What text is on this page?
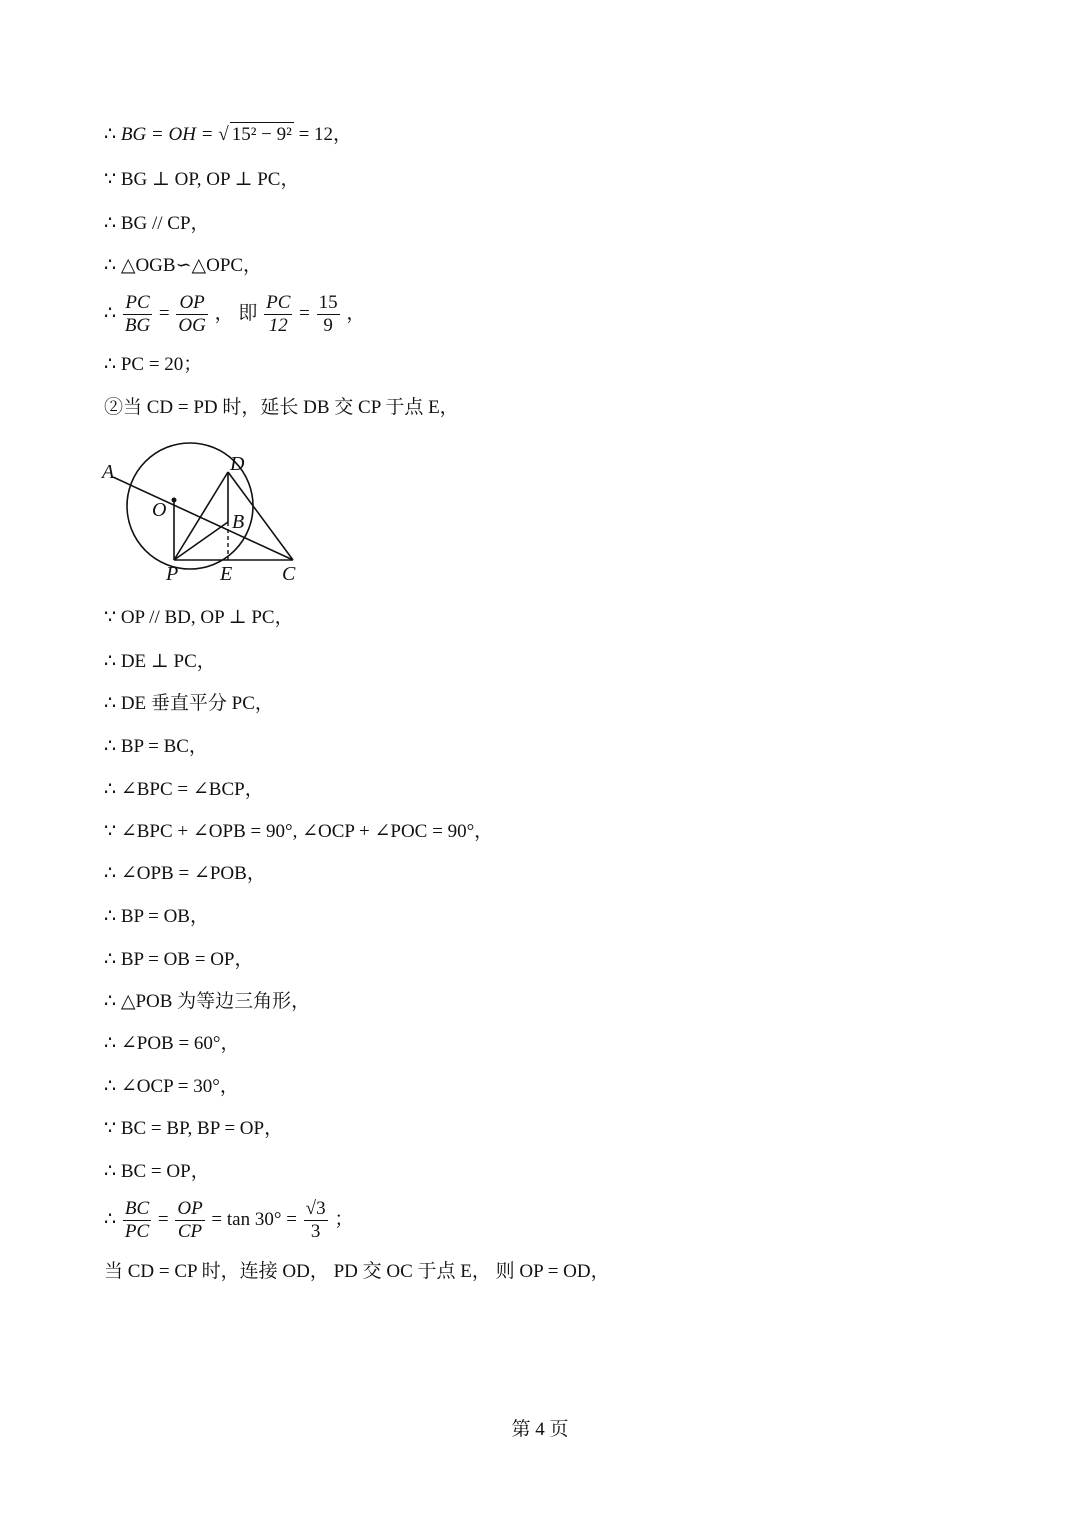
∴ BG = OH = √ 15² − 9² = 12，
∵ BG ⊥ OP, OP ⊥ PC，
∴ BG // CP，
∴ △OGB∽△OPC，
∴ $\frac{PC}{BG} = \frac{OP}{OG}$ ， 即 $\frac{PC}{12} = \frac{15}{9}$ ，
∴ PC = 20；
②当 CD = PD 时，延长 DB 交 CP 于点 E，
∵ OP // BD, OP ⊥ PC，
∴ DE ⊥ PC，
∴ DE 垂直平分 PC，
∴ BP = BC，
∴ ∠BPC = ∠BCP，
∵ ∠BPC + ∠OPB = 90°, ∠OCP + ∠POC = 90°，
∴ ∠OPB = ∠POB，
∴ BP = OB，
∴ BP = OB = OP，
∴ △POB 为等边三角形，
∴ ∠POB = 60°，
∴ ∠OCP = 30°，
∵ BC = BP, BP = OP，
∴ BC = OP，
∴ $\frac{BC}{PC} = \frac{OP}{CP} = \tan 30^\circ = \frac{√3}{3}$ ；
当 CD = CP 时，连接 OD， PD 交 OC 于点 E， 则 OP = OD，
A	D
O
B
P E C
第 4 页
